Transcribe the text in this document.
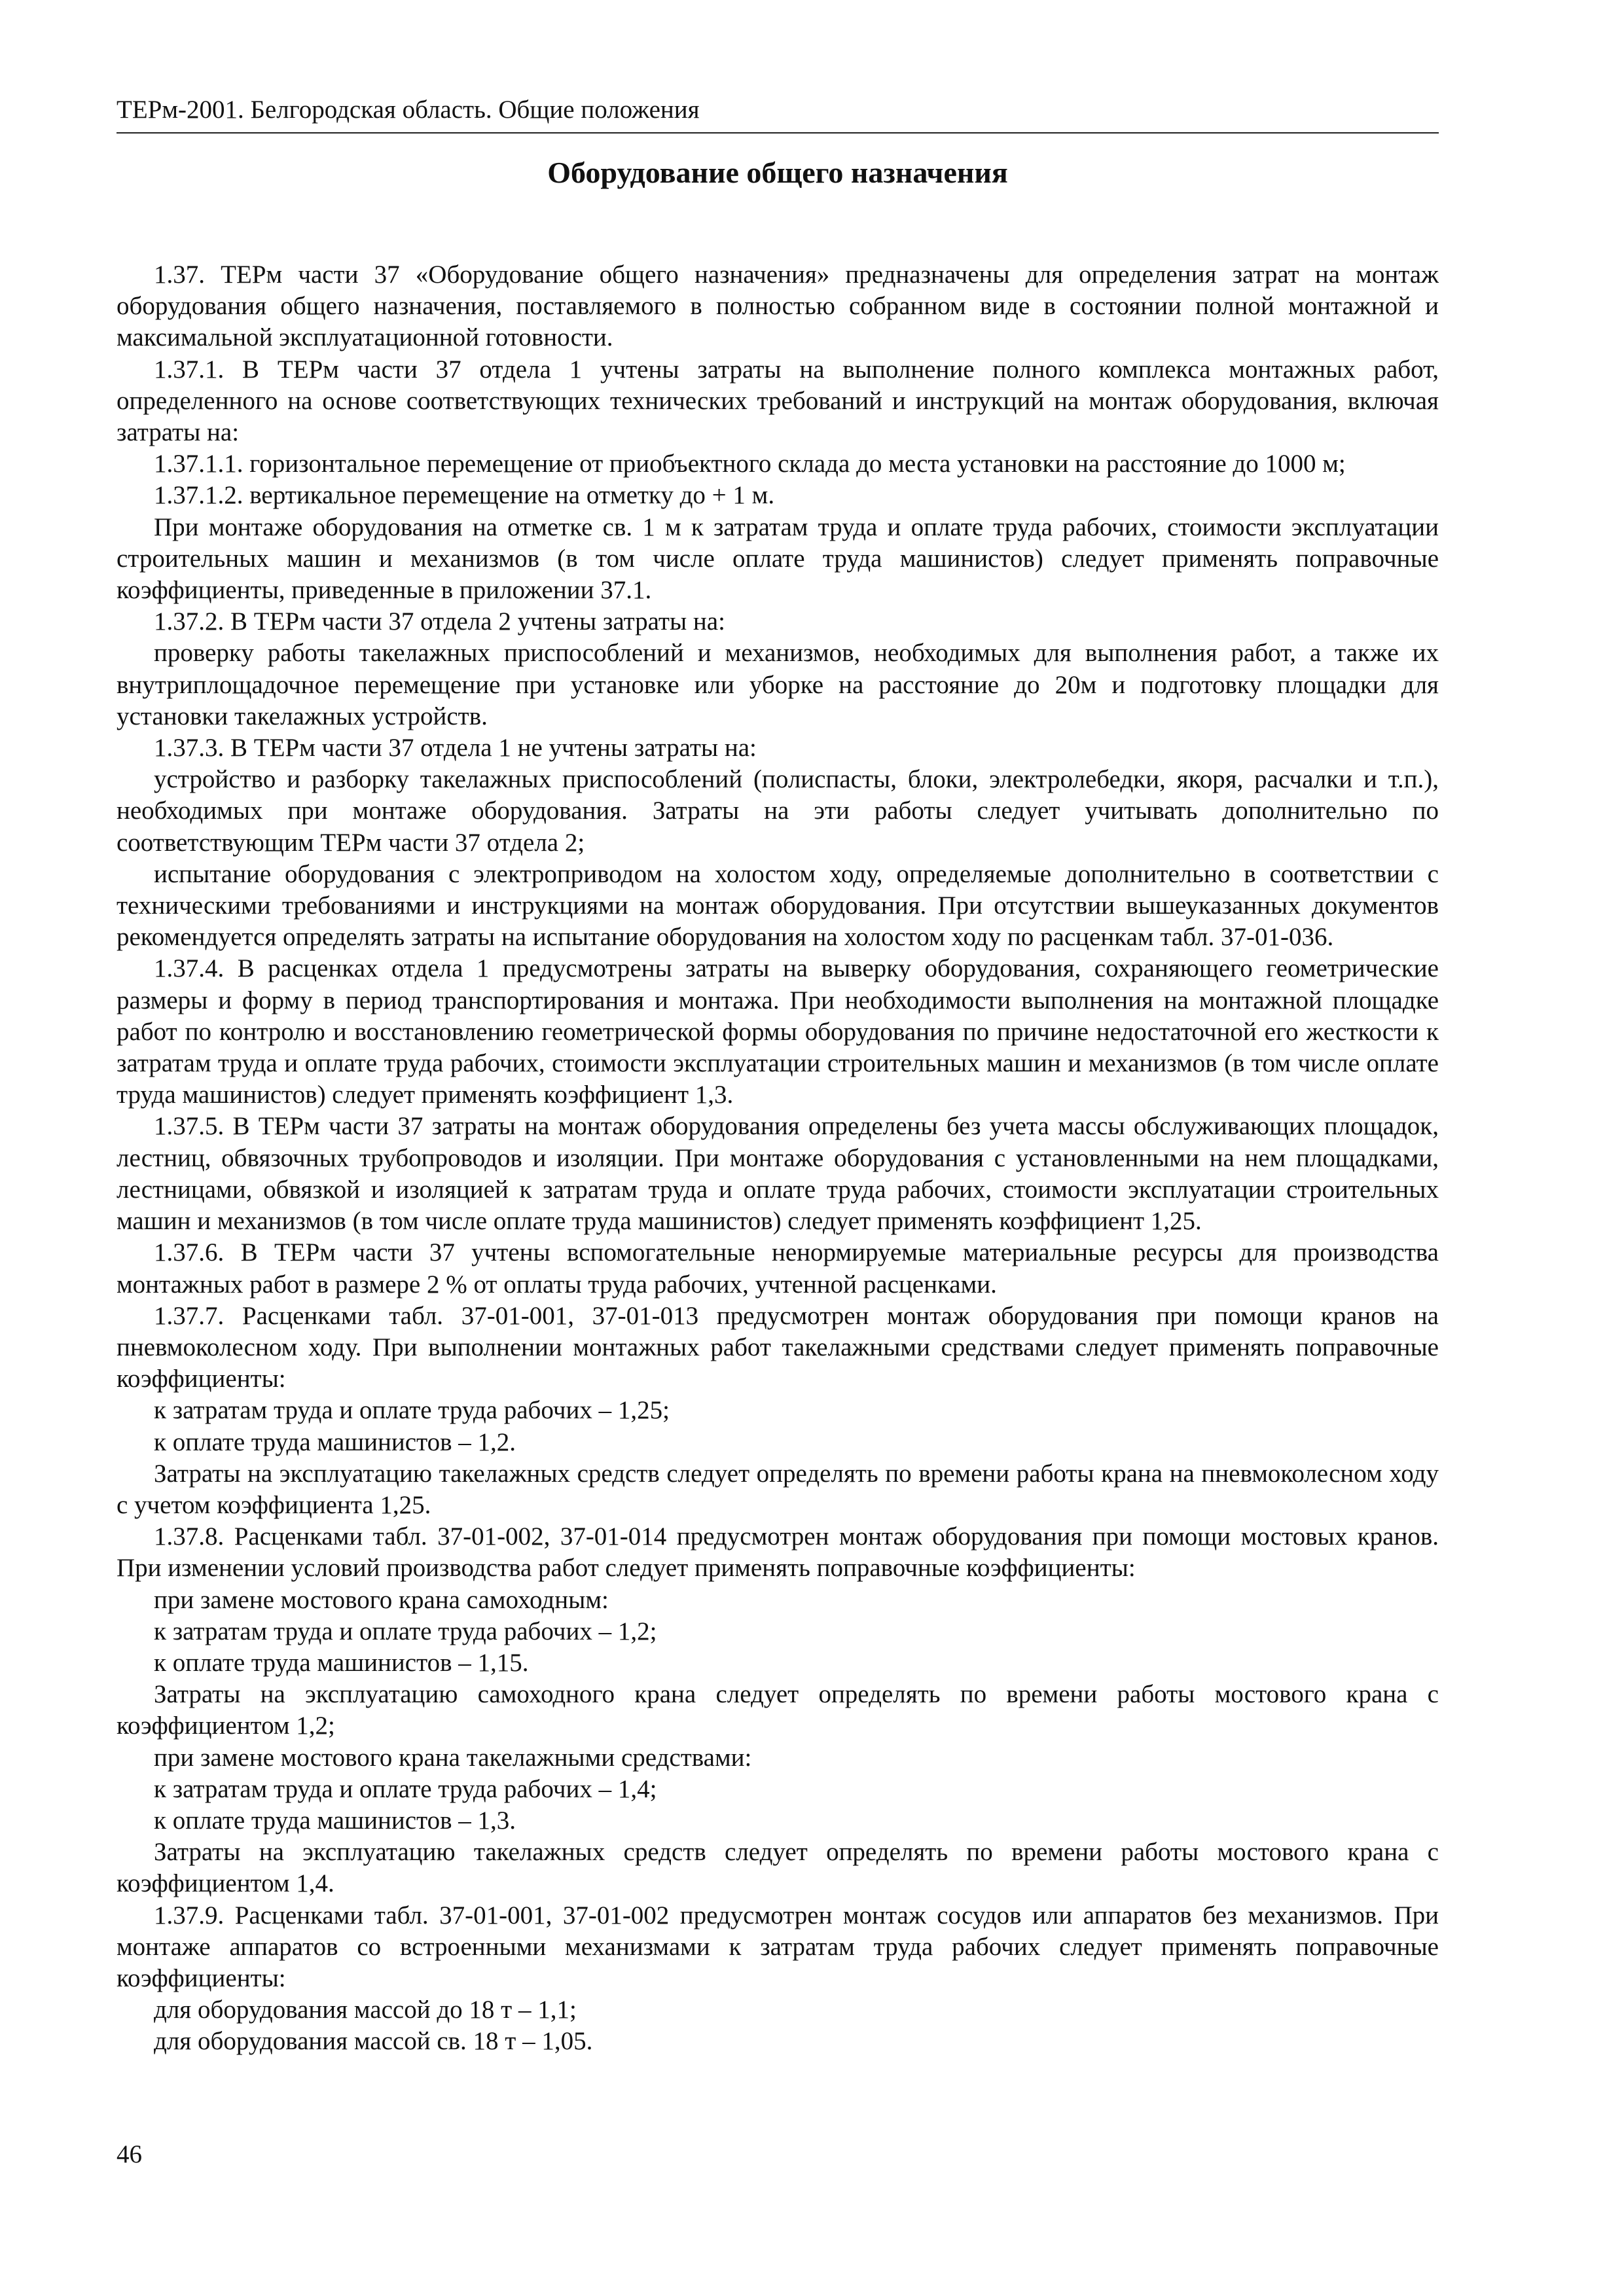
ТЕРм-2001. Белгородская область. Общие положения
Оборудование общего назначения

1.37. ТЕРм части 37 «Оборудование общего назначения» предназначены для определения затрат на монтаж оборудования общего назначения, поставляемого в полностью собранном виде в состоянии полной монтажной и максимальной эксплуатационной готовности.

1.37.1. В ТЕРм части 37 отдела 1 учтены затраты на выполнение полного комплекса монтажных работ, определенного на основе соответствующих технических требований и инструкций на монтаж оборудования, включая затраты на:

1.37.1.1. горизонтальное перемещение от приобъектного склада до места установки на расстояние до 1000 м;

1.37.1.2. вертикальное перемещение на отметку до + 1 м.

При монтаже оборудования на отметке св. 1 м к затратам труда и оплате труда рабочих, стоимости эксплуатации строительных машин и механизмов (в том числе оплате труда машинистов) следует применять поправочные коэффициенты, приведенные в приложении 37.1.

1.37.2. В ТЕРм части 37 отдела 2 учтены затраты на:

проверку работы такелажных приспособлений и механизмов, необходимых для выполнения работ, а также их внутриплощадочное перемещение при установке или уборке на расстояние до 20м и подготовку площадки для установки такелажных устройств.

1.37.3. В ТЕРм части 37 отдела 1 не учтены затраты на:

устройство и разборку такелажных приспособлений (полиспасты, блоки, электролебедки, якоря, расчалки и т.п.), необходимых при монтаже оборудования. Затраты на эти работы следует учитывать дополнительно по соответствующим ТЕРм части 37 отдела 2;

испытание оборудования с электроприводом на холостом ходу, определяемые дополнительно в соответствии с техническими требованиями и инструкциями на монтаж оборудования. При отсутствии вышеуказанных документов рекомендуется определять затраты на испытание оборудования на холостом ходу по расценкам табл. 37-01-036.

1.37.4. В расценках отдела 1 предусмотрены затраты на выверку оборудования, сохраняющего геометрические размеры и форму в период транспортирования и монтажа. При необходимости выполнения на монтажной площадке работ по контролю и восстановлению геометрической формы оборудования по причине недостаточной его жесткости к затратам труда и оплате труда рабочих, стоимости эксплуатации строительных машин и механизмов (в том числе оплате труда машинистов) следует применять коэффициент 1,3.

1.37.5. В ТЕРм части 37 затраты на монтаж оборудования определены без учета массы обслуживающих площадок, лестниц, обвязочных трубопроводов и изоляции. При монтаже оборудования с установленными на нем площадками, лестницами, обвязкой и изоляцией к затратам труда и оплате труда рабочих, стоимости эксплуатации строительных машин и механизмов (в том числе оплате труда машинистов) следует применять коэффициент 1,25.

1.37.6. В ТЕРм части 37 учтены вспомогательные ненормируемые материальные ресурсы для производства монтажных работ в размере 2 % от оплаты труда рабочих, учтенной расценками.

1.37.7. Расценками табл. 37-01-001, 37-01-013 предусмотрен монтаж оборудования при помощи кранов на пневмоколесном ходу. При выполнении монтажных работ такелажными средствами следует применять поправочные коэффициенты:

к затратам труда и оплате труда рабочих – 1,25;

к оплате труда машинистов – 1,2.

Затраты на эксплуатацию такелажных средств следует определять по времени работы крана на пневмоколесном ходу с учетом коэффициента 1,25.

1.37.8. Расценками табл. 37-01-002, 37-01-014 предусмотрен монтаж оборудования при помощи мостовых кранов. При изменении условий производства работ следует применять поправочные коэффициенты:

при замене мостового крана самоходным:

к затратам труда и оплате труда рабочих – 1,2;

к оплате труда машинистов – 1,15.

Затраты на эксплуатацию самоходного крана следует определять по времени работы мостового крана с коэффициентом 1,2;

при замене мостового крана такелажными средствами:

к затратам труда и оплате труда рабочих – 1,4;

к оплате труда машинистов – 1,3.

Затраты на эксплуатацию такелажных средств следует определять по времени работы мостового крана с коэффициентом 1,4.

1.37.9. Расценками табл. 37-01-001, 37-01-002 предусмотрен монтаж сосудов или аппаратов без механизмов. При монтаже аппаратов со встроенными механизмами к затратам труда рабочих следует применять поправочные коэффициенты:

для оборудования массой до 18 т – 1,1;

для оборудования массой св. 18 т – 1,05.

46
